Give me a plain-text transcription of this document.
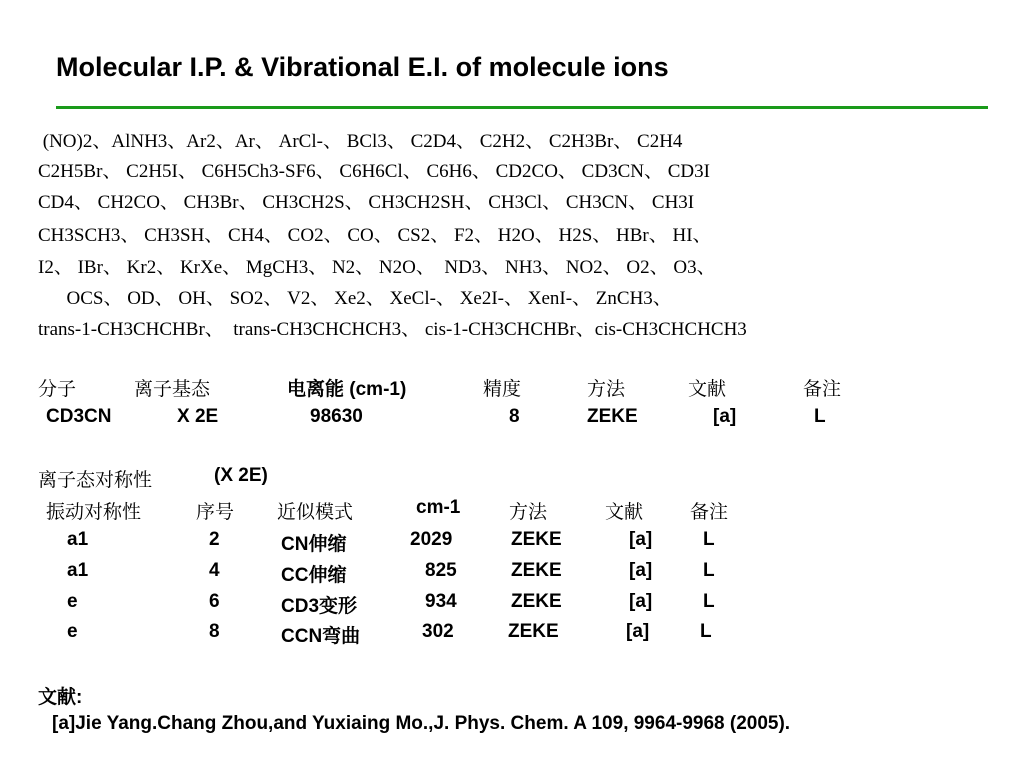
Molecular I.P. & Vibrational E.I. of molecule ions
(NO)2、AlNH3、Ar2、Ar、 ArCl-、 BCl3、 C2D4、 C2H2、 C2H3Br、 C2H4
C2H5Br、 C2H5I、 C6H5Ch3-SF6、 C6H6Cl、 C6H6、 CD2CO、 CD3CN、 CD3I
CD4、 CH2CO、 CH3Br、 CH3CH2S、 CH3CH2SH、 CH3Cl、 CH3CN、 CH3I
CH3SCH3、 CH3SH、 CH4、 CO2、 CO、 CS2、 F2、 H2O、 H2S、 HBr、 HI、
I2、 IBr、 Kr2、 KrXe、 MgCH3、 N2、 N2O、  ND3、 NH3、 NO2、 O2、 O3、
OCS、 OD、 OH、 SO2、 V2、 Xe2、 XeCl-、 Xe2I-、 XenI-、 ZnCH3、
trans-1-CH3CHCHBr、  trans-CH3CHCHCH3、 cis-1-CH3CHCHBr、cis-CH3CHCHCH3
分子	离子基态	电离能 (cm-1)	精度	方法	文献	备注
CD3CN	X 2E	98630	8	ZEKE	[a]	L
离子态对称性	(X 2E)
振动对称性	序号 近似模式	cm-1	方法	文献 备注
a1	2	CN伸缩	2029	ZEKE	[a]	L
a1	4	CC伸缩	825	ZEKE	[a]	L
e	6	CD3变形	934	ZEKE	[a]	L
e	8	CCN弯曲	302	ZEKE	[a]	L
文献:
[a]Jie Yang.Chang Zhou,and Yuxiaing Mo.,J. Phys. Chem. A 109, 9964-9968 (2005).
